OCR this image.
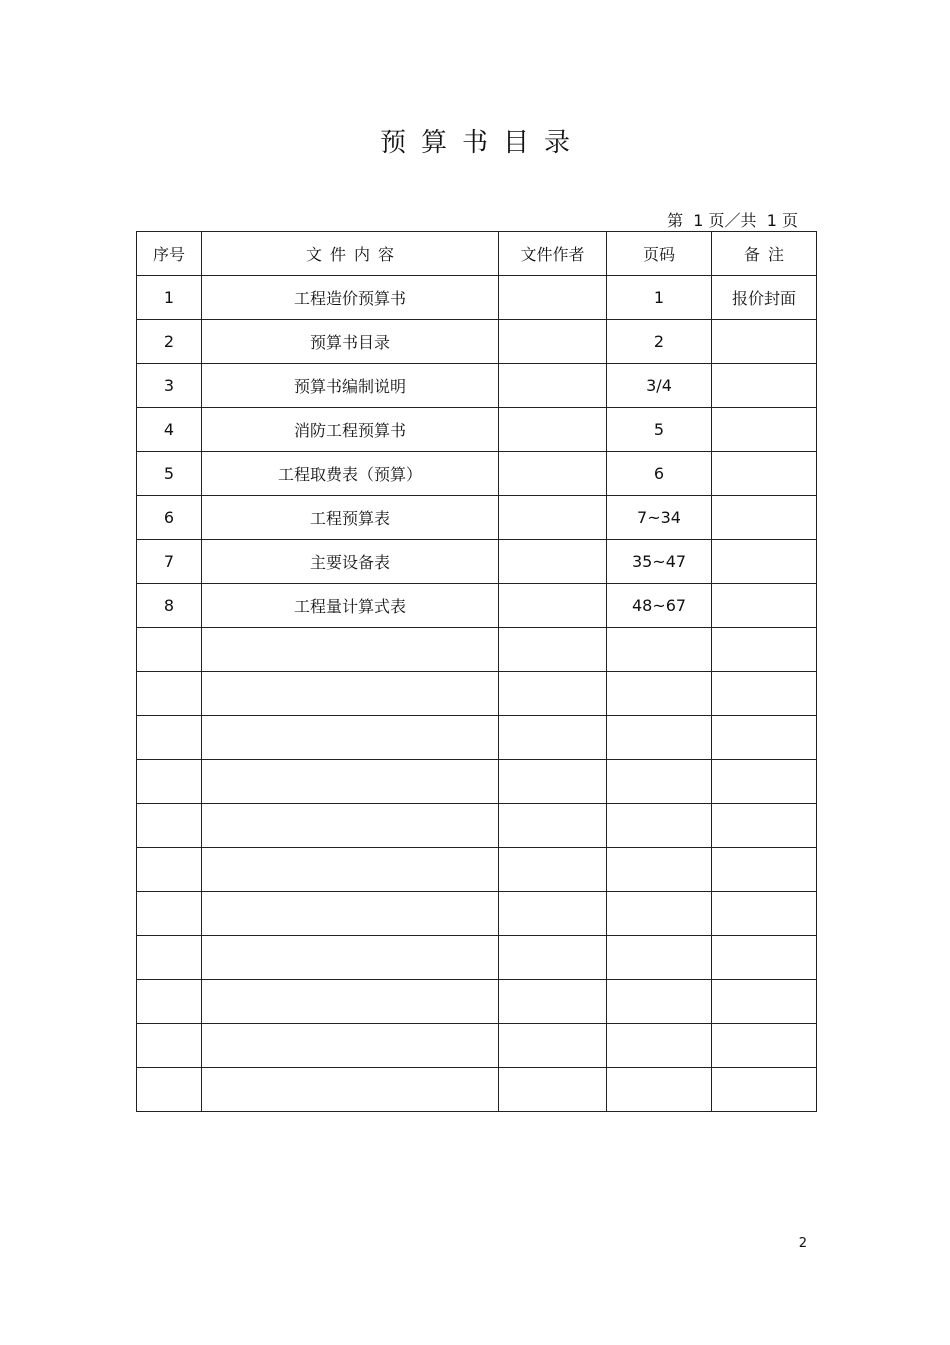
预算书目录
第  1 页／共  1 页
序号	文件内容	文件作者	页码	备注
1	工程造价预算书		1	报价封面
2	预算书目录		2	
3	预算书编制说明		3/4	
4	消防工程预算书		5	
5	工程取费表（预算）		6	
6	工程预算表		7~34	
7	主要设备表		35~47	
8	工程量计算式表		48~67	

2
